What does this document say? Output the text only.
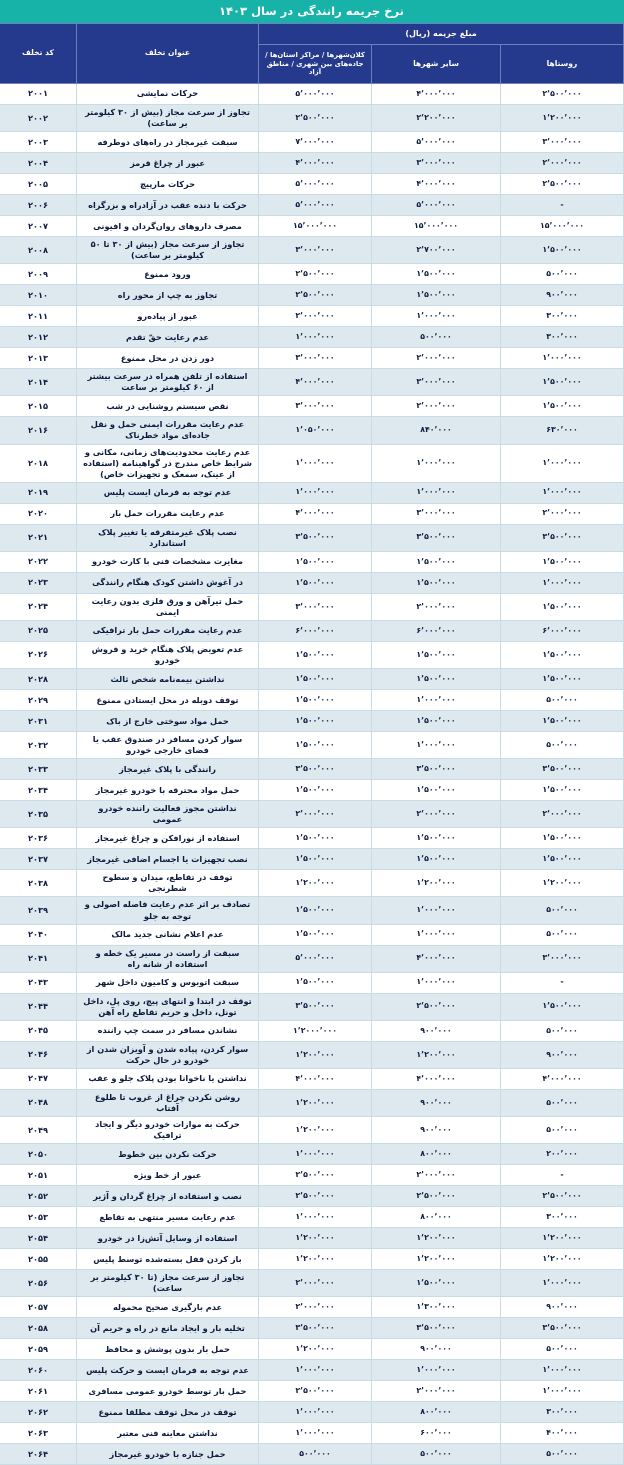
نرخ جریمه رانندگی در سال ۱۴۰۳				
مبلغ جریمه (ریال)			عنوان تخلف	کد تخلف
روستاها	سایر شهرها	کلان‌شهرها / مراکز استان‌ها / جاده‌های بین شهری / مناطق آزاد		
۲٬۵۰۰٬۰۰۰	۴٬۰۰۰٬۰۰۰	۵٬۰۰۰٬۰۰۰	حرکات نمایشی	۲۰۰۱
۱٬۲۰۰٬۰۰۰	۲٬۲۰۰٬۰۰۰	۲٬۵۰۰٬۰۰۰	تجاوز از سرعت مجاز (بیش از ۳۰ کیلومتر بر ساعت)	۲۰۰۲
۳٬۰۰۰٬۰۰۰	۵٬۰۰۰٬۰۰۰	۷٬۰۰۰٬۰۰۰	سبقت غیرمجاز در راه‌های دوطرفه	۲۰۰۳
۲٬۰۰۰٬۰۰۰	۳٬۰۰۰٬۰۰۰	۴٬۰۰۰٬۰۰۰	عبور از چراغ قرمز	۲۰۰۴
۲٬۵۰۰٬۰۰۰	۴٬۰۰۰٬۰۰۰	۵٬۰۰۰٬۰۰۰	حرکات مارپیچ	۲۰۰۵
-	۵٬۰۰۰٬۰۰۰	۵٬۰۰۰٬۰۰۰	حرکت با دنده عقب در آزادراه و بزرگراه	۲۰۰۶
۱۵٬۰۰۰٬۰۰۰	۱۵٬۰۰۰٬۰۰۰	۱۵٬۰۰۰٬۰۰۰	مصرف داروهای روان‌گردان و افیونی	۲۰۰۷
۱٬۵۰۰٬۰۰۰	۲٬۷۰۰٬۰۰۰	۳٬۰۰۰٬۰۰۰	تجاوز از سرعت مجاز (بیش از ۳۰ تا ۵۰ کیلومتر بر ساعت)	۲۰۰۸
۵۰۰٬۰۰۰	۱٬۵۰۰٬۰۰۰	۲٬۵۰۰٬۰۰۰	ورود ممنوع	۲۰۰۹
۹۰۰٬۰۰۰	۱٬۵۰۰٬۰۰۰	۲٬۵۰۰٬۰۰۰	تجاوز به چپ از محور راه	۲۰۱۰
۳۰۰٬۰۰۰	۱٬۰۰۰٬۰۰۰	۲٬۰۰۰٬۰۰۰	عبور از پیاده‌رو	۲۰۱۱
۳۰۰٬۰۰۰	۵۰۰٬۰۰۰	۱٬۰۰۰٬۰۰۰	عدم رعایت حقّ تقدم	۲۰۱۲
۱٬۰۰۰٬۰۰۰	۲٬۰۰۰٬۰۰۰	۳٬۰۰۰٬۰۰۰	دور زدن در محل ممنوع	۲۰۱۳
۱٬۵۰۰٬۰۰۰	۳٬۰۰۰٬۰۰۰	۴٬۰۰۰٬۰۰۰	استفاده از تلفن همراه در سرعت بیشتر از ۶۰ کیلومتر بر ساعت	۲۰۱۴
۱٬۵۰۰٬۰۰۰	۲٬۰۰۰٬۰۰۰	۳٬۰۰۰٬۰۰۰	نقص سیستم روشنایی در شب	۲۰۱۵
۶۳۰٬۰۰۰	۸۴۰٬۰۰۰	۱٬۰۵۰٬۰۰۰	عدم رعایت مقررات ایمنی حمل و نقل جاده‌ای مواد خطرناک	۲۰۱۶
۱٬۰۰۰٬۰۰۰	۱٬۰۰۰٬۰۰۰	۱٬۰۰۰٬۰۰۰	عدم رعایت محدودیت‌های زمانی، مکانی و شرایط خاص مندرج در گواهینامه (استفاده از عینک، سمعک و تجهیزات خاص)	۲۰۱۸
۱٬۰۰۰٬۰۰۰	۱٬۰۰۰٬۰۰۰	۱٬۰۰۰٬۰۰۰	عدم توجه به فرمان ایست پلیس	۲۰۱۹
۲٬۰۰۰٬۰۰۰	۳٬۰۰۰٬۰۰۰	۴٬۰۰۰٬۰۰۰	عدم رعایت مقررات حمل بار	۲۰۲۰
۳٬۵۰۰٬۰۰۰	۳٬۵۰۰٬۰۰۰	۳٬۵۰۰٬۰۰۰	نصب پلاک غیرمتفرقه یا تغییر پلاک استاندارد	۲۰۲۱
۱٬۵۰۰٬۰۰۰	۱٬۵۰۰٬۰۰۰	۱٬۵۰۰٬۰۰۰	مغایرت مشخصات فنی با کارت خودرو	۲۰۲۲
۱٬۰۰۰٬۰۰۰	۱٬۵۰۰٬۰۰۰	۱٬۵۰۰٬۰۰۰	در آغوش داشتن کودک هنگام رانندگی	۲۰۲۳
۱٬۵۰۰٬۰۰۰	۲٬۰۰۰٬۰۰۰	۳٬۰۰۰٬۰۰۰	حمل تیرآهن و ورق فلزی بدون رعایت ایمنی	۲۰۲۴
۶٬۰۰۰٬۰۰۰	۶٬۰۰۰٬۰۰۰	۶٬۰۰۰٬۰۰۰	عدم رعایت مقررات حمل بار ترافیکی	۲۰۲۵
۱٬۵۰۰٬۰۰۰	۱٬۵۰۰٬۰۰۰	۱٬۵۰۰٬۰۰۰	عدم تعویض پلاک هنگام خرید و فروش خودرو	۲۰۲۶
۱٬۵۰۰٬۰۰۰	۱٬۵۰۰٬۰۰۰	۱٬۵۰۰٬۰۰۰	نداشتن بیمه‌نامه شخص ثالث	۲۰۲۸
۵۰۰٬۰۰۰	۱٬۰۰۰٬۰۰۰	۱٬۵۰۰٬۰۰۰	توقف دوبله در محل ایستادن ممنوع	۲۰۲۹
۱٬۵۰۰٬۰۰۰	۱٬۵۰۰٬۰۰۰	۱٬۵۰۰٬۰۰۰	حمل مواد سوختی خارج از باک	۲۰۳۱
۵۰۰٬۰۰۰	۱٬۰۰۰٬۰۰۰	۱٬۵۰۰٬۰۰۰	سوار کردن مسافر در صندوق عقب یا فضای خارجی خودرو	۲۰۳۲
۳٬۵۰۰٬۰۰۰	۳٬۵۰۰٬۰۰۰	۳٬۵۰۰٬۰۰۰	رانندگی با پلاک غیرمجاز	۲۰۳۳
۱٬۵۰۰٬۰۰۰	۱٬۵۰۰٬۰۰۰	۱٬۵۰۰٬۰۰۰	حمل مواد محترقه با خودرو غیرمجاز	۲۰۳۴
۲٬۰۰۰٬۰۰۰	۲٬۰۰۰٬۰۰۰	۲٬۰۰۰٬۰۰۰	نداشتن مجوز فعالیت راننده خودرو عمومی	۲۰۳۵
۱٬۵۰۰٬۰۰۰	۱٬۵۰۰٬۰۰۰	۱٬۵۰۰٬۰۰۰	استفاده از نورافکن و چراغ غیرمجاز	۲۰۳۶
۱٬۵۰۰٬۰۰۰	۱٬۵۰۰٬۰۰۰	۱٬۵۰۰٬۰۰۰	نصب تجهیزات یا اجسام اضافی غیرمجاز	۲۰۳۷
۱٬۲۰۰٬۰۰۰	۱٬۲۰۰٬۰۰۰	۱٬۲۰۰٬۰۰۰	توقف در تقاطع، میدان و سطوح شطرنجی	۲۰۳۸
۵۰۰٬۰۰۰	۱٬۰۰۰٬۰۰۰	۱٬۵۰۰٬۰۰۰	تصادف بر اثر عدم رعایت فاصله اصولی و توجه به جلو	۲۰۳۹
۵۰۰٬۰۰۰	۱٬۰۰۰٬۰۰۰	۱٬۵۰۰٬۰۰۰	عدم اعلام نشانی جدید مالک	۲۰۴۰
۳٬۰۰۰٬۰۰۰	۴٬۰۰۰٬۰۰۰	۵٬۰۰۰٬۰۰۰	سبقت از راست در مسیر یک خطه و استفاده از شانه راه	۲۰۴۱
-	۱٬۰۰۰٬۰۰۰	۱٬۵۰۰٬۰۰۰	سبقت اتوبوس و کامیون داخل شهر	۲۰۴۳
۱٬۵۰۰٬۰۰۰	۲٬۵۰۰٬۰۰۰	۳٬۵۰۰٬۰۰۰	توقف در ابتدا و انتهای پیچ، روی پل، داخل تونل، داخل و حریم تقاطع راه آهن	۲۰۴۴
۵۰۰٬۰۰۰	۹۰۰٬۰۰۰	۱٬۲۰۰۰٬۰۰۰	نشاندن مسافر در سمت چپ راننده	۲۰۴۵
۹۰۰٬۰۰۰	۱٬۲۰۰٬۰۰۰	۱٬۲۰۰٬۰۰۰	سوار کردن، پیاده شدن و آویزان شدن از خودرو در حال حرکت	۲۰۴۶
۴٬۰۰۰٬۰۰۰	۴٬۰۰۰٬۰۰۰	۴٬۰۰۰٬۰۰۰	نداشتن یا ناخوانا بودن پلاک جلو و عقب	۲۰۴۷
۵۰۰٬۰۰۰	۹۰۰٬۰۰۰	۱٬۲۰۰٬۰۰۰	روشن نکردن چراغ از غروب تا طلوع آفتاب	۲۰۴۸
۵۰۰٬۰۰۰	۹۰۰٬۰۰۰	۱٬۲۰۰٬۰۰۰	حرکت به موازات خودرو دیگر و ایجاد ترافیک	۲۰۴۹
۲۰۰٬۰۰۰	۸۰۰٬۰۰۰	۱٬۰۰۰٬۰۰۰	حرکت نکردن بین خطوط	۲۰۵۰
-	۲٬۰۰۰٬۰۰۰	۲٬۵۰۰٬۰۰۰	عبور از خط ویژه	۲۰۵۱
۲٬۵۰۰٬۰۰۰	۲٬۵۰۰٬۰۰۰	۲٬۵۰۰٬۰۰۰	نصب و استفاده از چراغ گردان و آژیر	۲۰۵۲
۳۰۰٬۰۰۰	۸۰۰٬۰۰۰	۱٬۰۰۰٬۰۰۰	عدم رعایت مسیر منتهی به تقاطع	۲۰۵۳
۱٬۲۰۰٬۰۰۰	۱٬۲۰۰٬۰۰۰	۱٬۲۰۰٬۰۰۰	استفاده از وسایل آتش‌زا در خودرو	۲۰۵۴
۱٬۲۰۰٬۰۰۰	۱٬۲۰۰٬۰۰۰	۱٬۲۰۰٬۰۰۰	باز کردن قفل بسته‌شده توسط پلیس	۲۰۵۵
۱٬۰۰۰٬۰۰۰	۱٬۵۰۰٬۰۰۰	۲٬۰۰۰٬۰۰۰	تجاوز از سرعت مجاز (تا ۳۰ کیلومتر بر ساعت)	۲۰۵۶
۹۰۰٬۰۰۰	۱٬۳۰۰٬۰۰۰	۲٬۰۰۰٬۰۰۰	عدم بارگیری صحیح محموله	۲۰۵۷
۳٬۵۰۰٬۰۰۰	۳٬۵۰۰٬۰۰۰	۳٬۵۰۰٬۰۰۰	تخلیه بار و ایجاد مانع در راه و حریم آن	۲۰۵۸
۵۰۰٬۰۰۰	۹۰۰٬۰۰۰	۱٬۲۰۰٬۰۰۰	حمل بار بدون پوشش و محافظ	۲۰۵۹
۱٬۰۰۰٬۰۰۰	۱٬۰۰۰٬۰۰۰	۱٬۰۰۰٬۰۰۰	عدم توجه به فرمان ایست و حرکت پلیس	۲۰۶۰
۱٬۰۰۰٬۰۰۰	۲٬۰۰۰٬۰۰۰	۲٬۵۰۰٬۰۰۰	حمل بار توسط خودرو عمومی مسافری	۲۰۶۱
۳۰۰٬۰۰۰	۸۰۰٬۰۰۰	۱٬۰۰۰٬۰۰۰	توقف در محل توقف مطلقا ممنوع	۲۰۶۲
۴۰۰٬۰۰۰	۶۰۰٬۰۰۰	۱٬۰۰۰٬۰۰۰	نداشتن معاینه فنی معتبر	۲۰۶۳
۵۰۰٬۰۰۰	۵۰۰٬۰۰۰	۵۰۰٬۰۰۰	حمل جنازه با خودرو غیرمجاز	۲۰۶۴
